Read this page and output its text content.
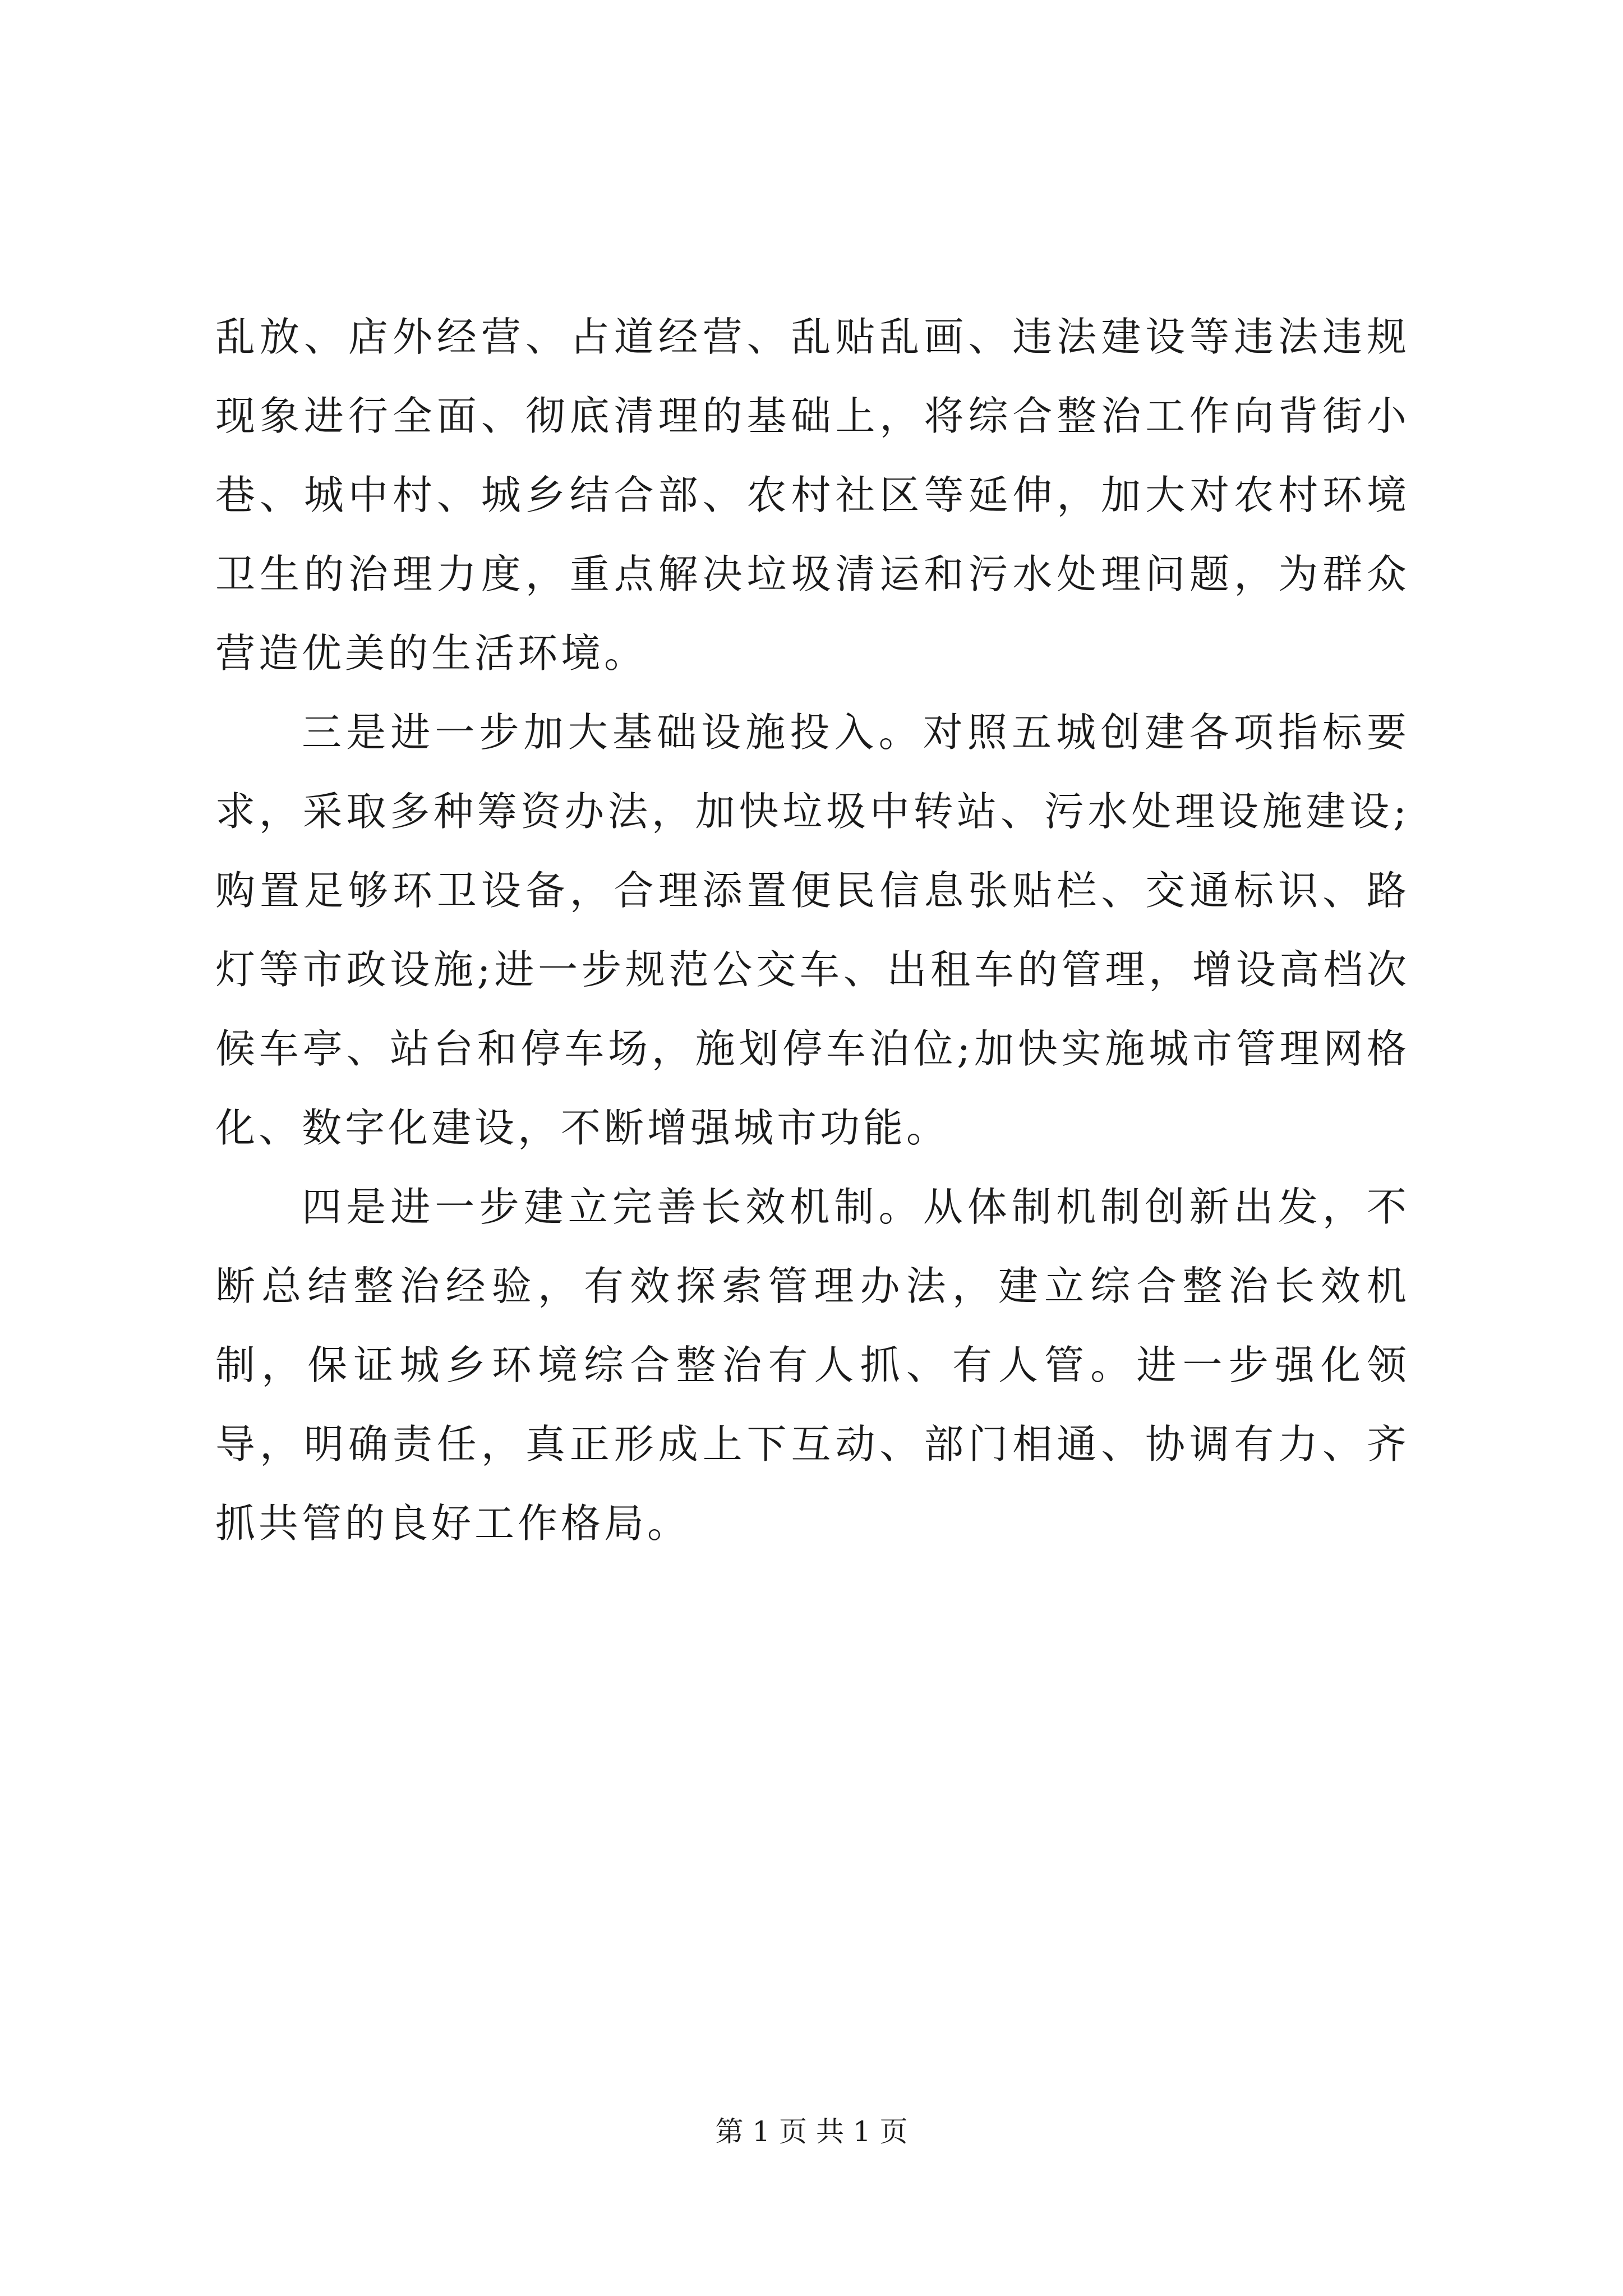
乱放、店外经营、占道经营、乱贴乱画、违法建设等违法违规现象进行全面、彻底清理的基础上，将综合整治工作向背街小巷、城中村、城乡结合部、农村社区等延伸，加大对农村环境卫生的治理力度，重点解决垃圾清运和污水处理问题，为群众营造优美的生活环境。

三是进一步加大基础设施投入。对照五城创建各项指标要求，采取多种筹资办法，加快垃圾中转站、污水处理设施建设;购置足够环卫设备，合理添置便民信息张贴栏、交通标识、路灯等市政设施;进一步规范公交车、出租车的管理，增设高档次候车亭、站台和停车场，施划停车泊位;加快实施城市管理网格化、数字化建设，不断增强城市功能。

四是进一步建立完善长效机制。从体制机制创新出发，不断总结整治经验，有效探索管理办法，建立综合整治长效机制，保证城乡环境综合整治有人抓、有人管。进一步强化领导，明确责任，真正形成上下互动、部门相通、协调有力、齐抓共管的良好工作格局。

第 1 页 共 1 页
